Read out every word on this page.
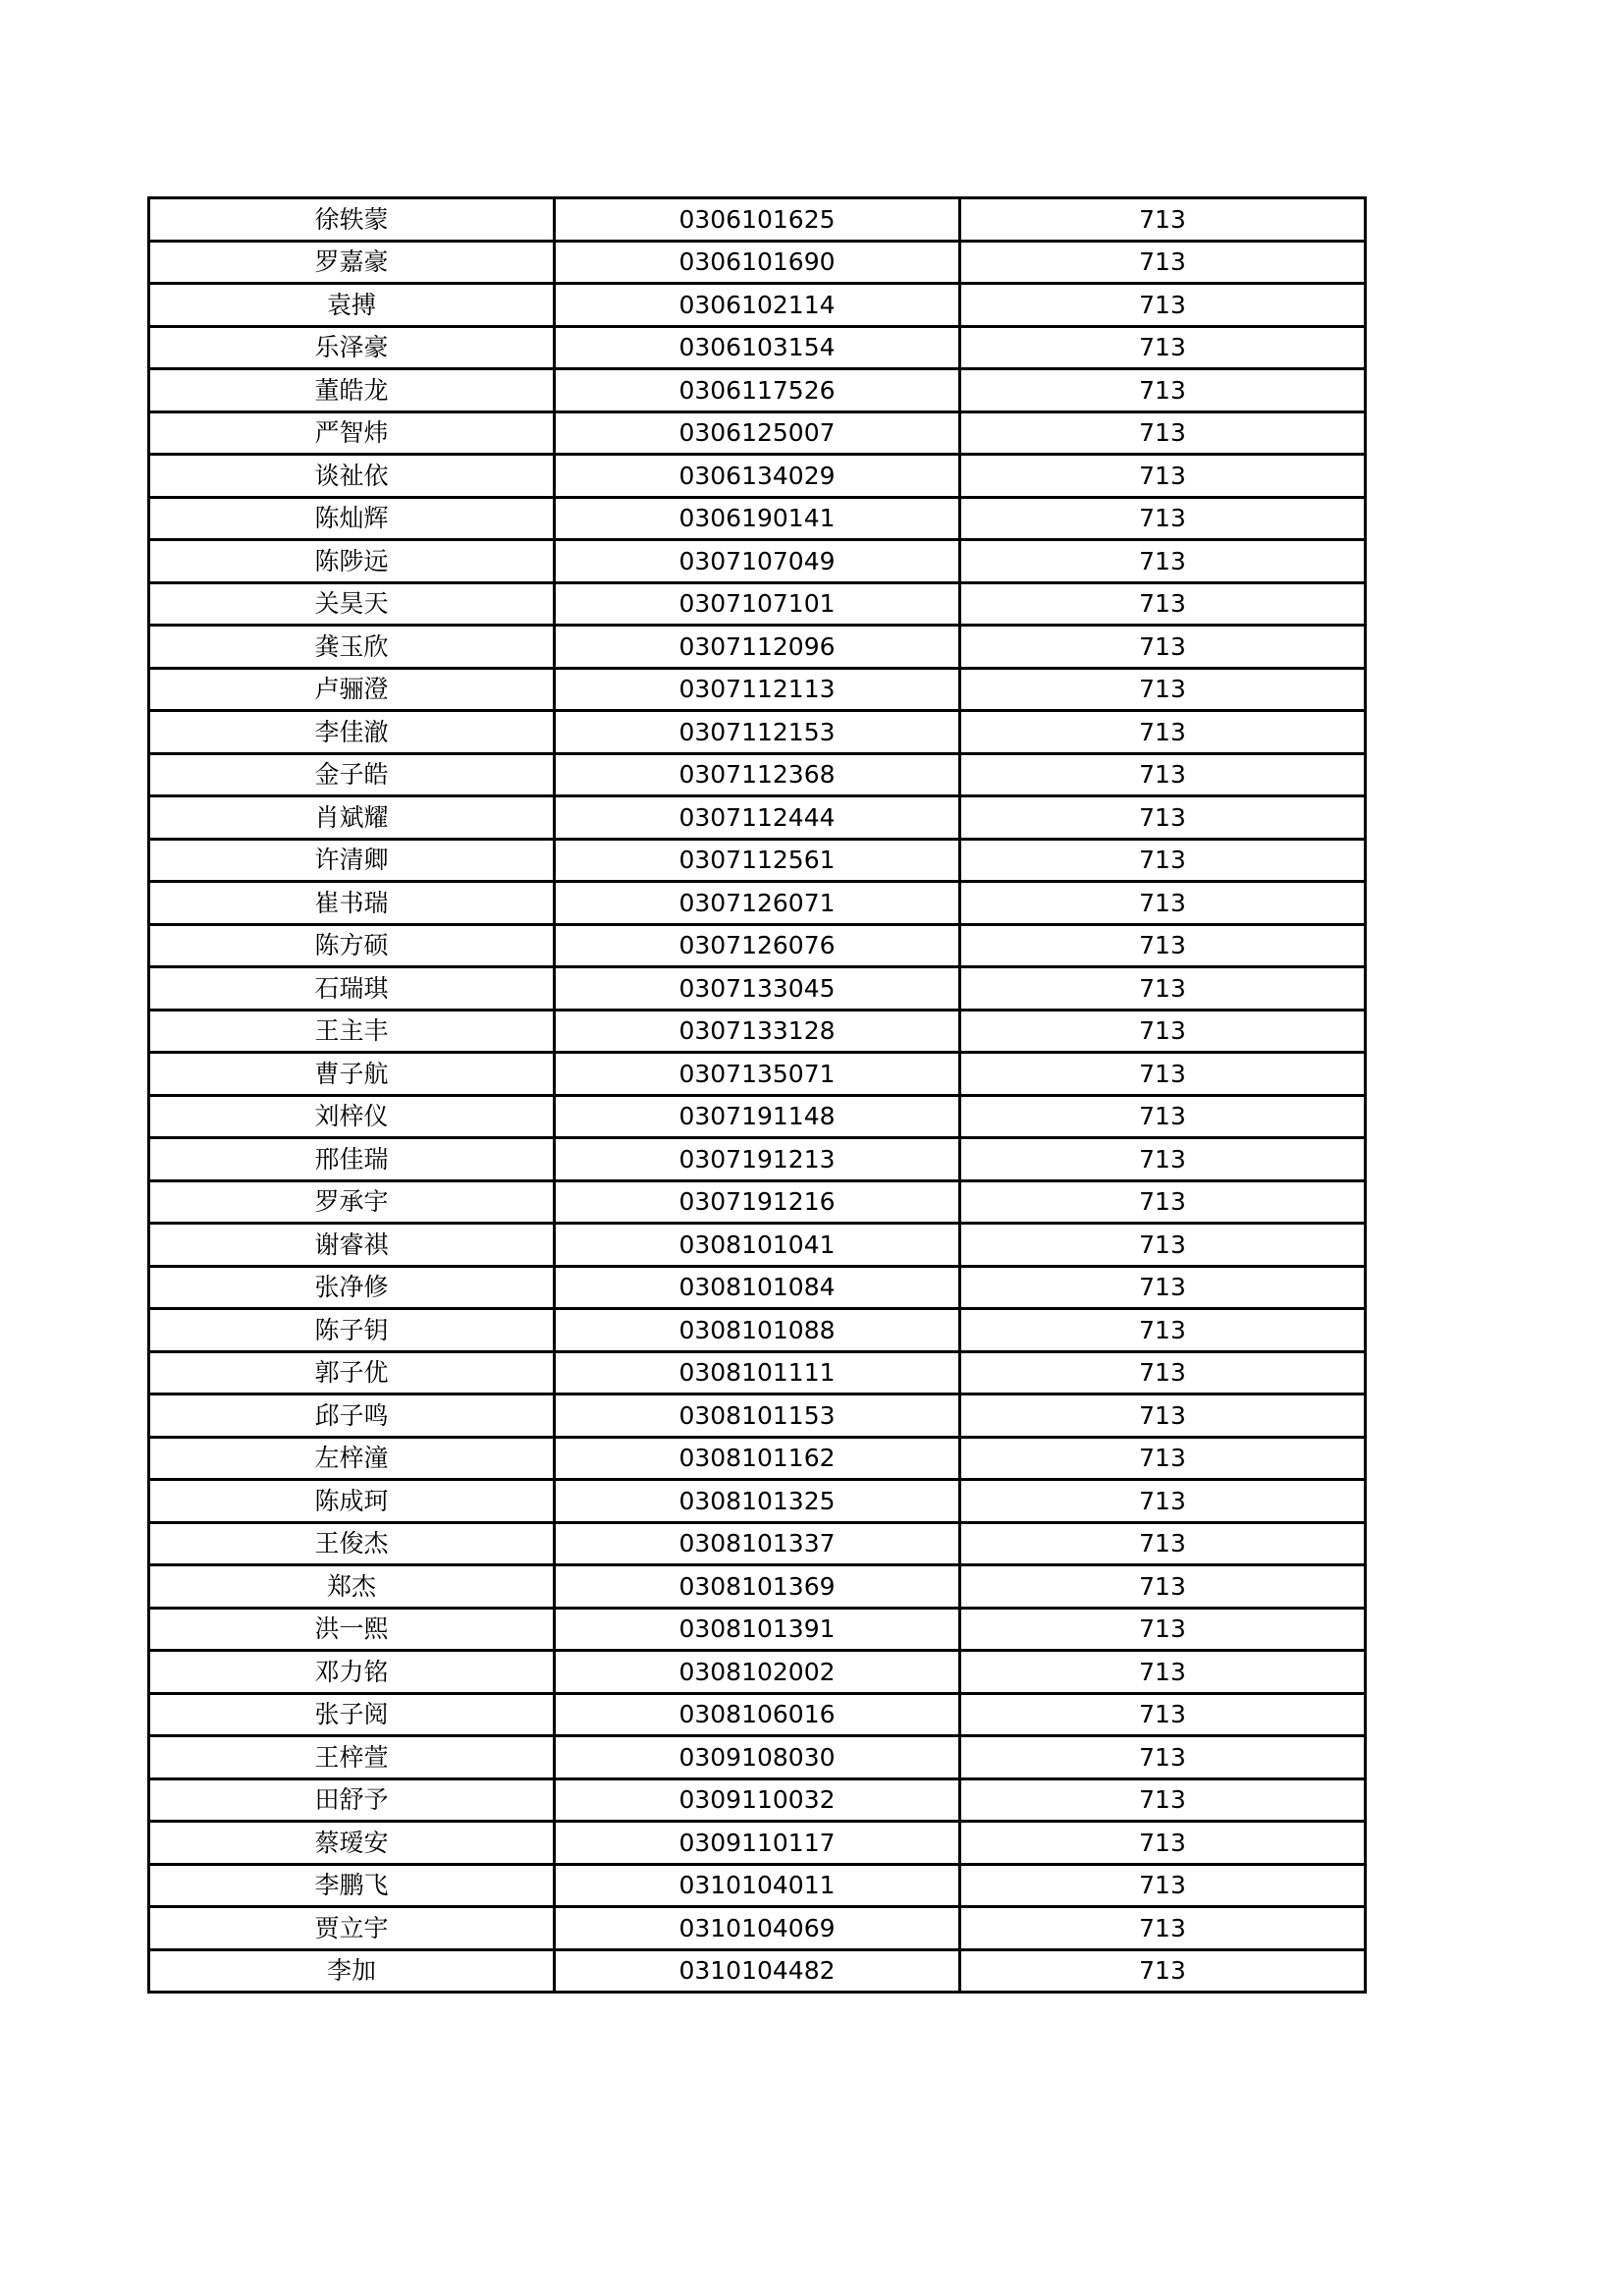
徐轶蒙	0306101625	713
罗嘉豪	0306101690	713
袁搏	0306102114	713
乐泽豪	0306103154	713
董皓龙	0306117526	713
严智炜	0306125007	713
谈祉依	0306134029	713
陈灿辉	0306190141	713
陈陟远	0307107049	713
关昊天	0307107101	713
龚玉欣	0307112096	713
卢骊澄	0307112113	713
李佳澈	0307112153	713
金子皓	0307112368	713
肖斌耀	0307112444	713
许清卿	0307112561	713
崔书瑞	0307126071	713
陈方硕	0307126076	713
石瑞琪	0307133045	713
王主丰	0307133128	713
曹子航	0307135071	713
刘梓仪	0307191148	713
邢佳瑞	0307191213	713
罗承宇	0307191216	713
谢睿祺	0308101041	713
张净修	0308101084	713
陈子钥	0308101088	713
郭子优	0308101111	713
邱子鸣	0308101153	713
左梓潼	0308101162	713
陈成珂	0308101325	713
王俊杰	0308101337	713
郑杰	0308101369	713
洪一熙	0308101391	713
邓力铭	0308102002	713
张子阅	0308106016	713
王梓萱	0309108030	713
田舒予	0309110032	713
蔡瑷安	0309110117	713
李鹏飞	0310104011	713
贾立宇	0310104069	713
李加	0310104482	713
